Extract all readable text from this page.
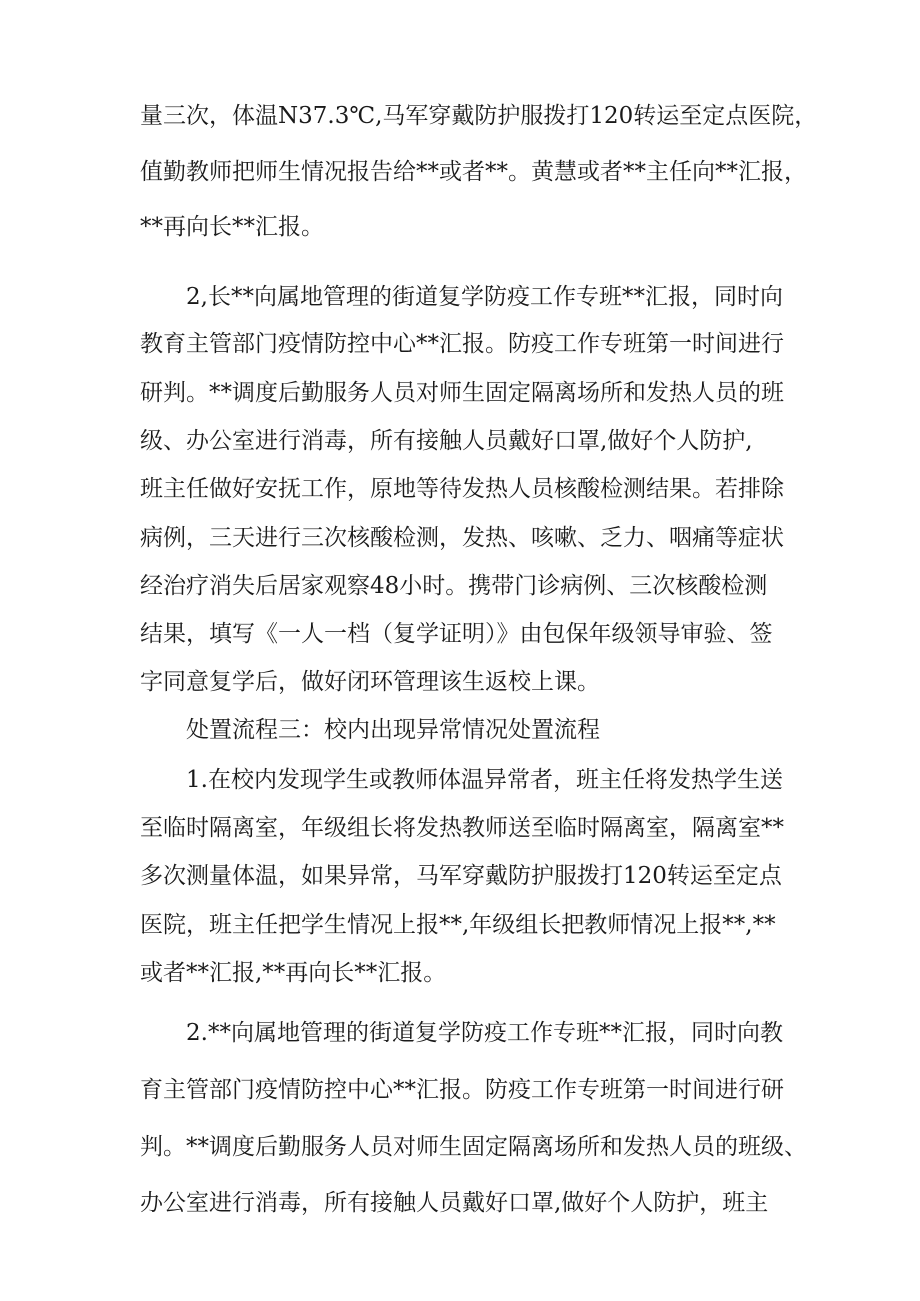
量三次，体温N37.3℃,马军穿戴防护服拨打120转运至定点医院，
值勤教师把师生情况报告给**或者**。黄慧或者**主任向**汇报，
**再向长**汇报。
2,长**向属地管理的街道复学防疫工作专班**汇报，同时向
教育主管部门疫情防控中心**汇报。防疫工作专班第一时间进行
研判。**调度后勤服务人员对师生固定隔离场所和发热人员的班
级、办公室进行消毒，所有接触人员戴好口罩,做好个人防护,
班主任做好安抚工作，原地等待发热人员核酸检测结果。若排除
病例，三天进行三次核酸检测，发热、咳嗽、乏力、咽痛等症状
经治疗消失后居家观察48小时。携带门诊病例、三次核酸检测
结果，填写《一人一档（复学证明）》由包保年级领导审验、签
字同意复学后，做好闭环管理该生返校上课。
处置流程三：校内出现异常情况处置流程
1.在校内发现学生或教师体温异常者，班主任将发热学生送
至临时隔离室，年级组长将发热教师送至临时隔离室，隔离室**
多次测量体温，如果异常，马军穿戴防护服拨打120转运至定点
医院，班主任把学生情况上报**,年级组长把教师情况上报**,**
或者**汇报,**再向长**汇报。
2.**向属地管理的街道复学防疫工作专班**汇报，同时向教
育主管部门疫情防控中心**汇报。防疫工作专班第一时间进行研
判。**调度后勤服务人员对师生固定隔离场所和发热人员的班级、
办公室进行消毒，所有接触人员戴好口罩,做好个人防护，班主
